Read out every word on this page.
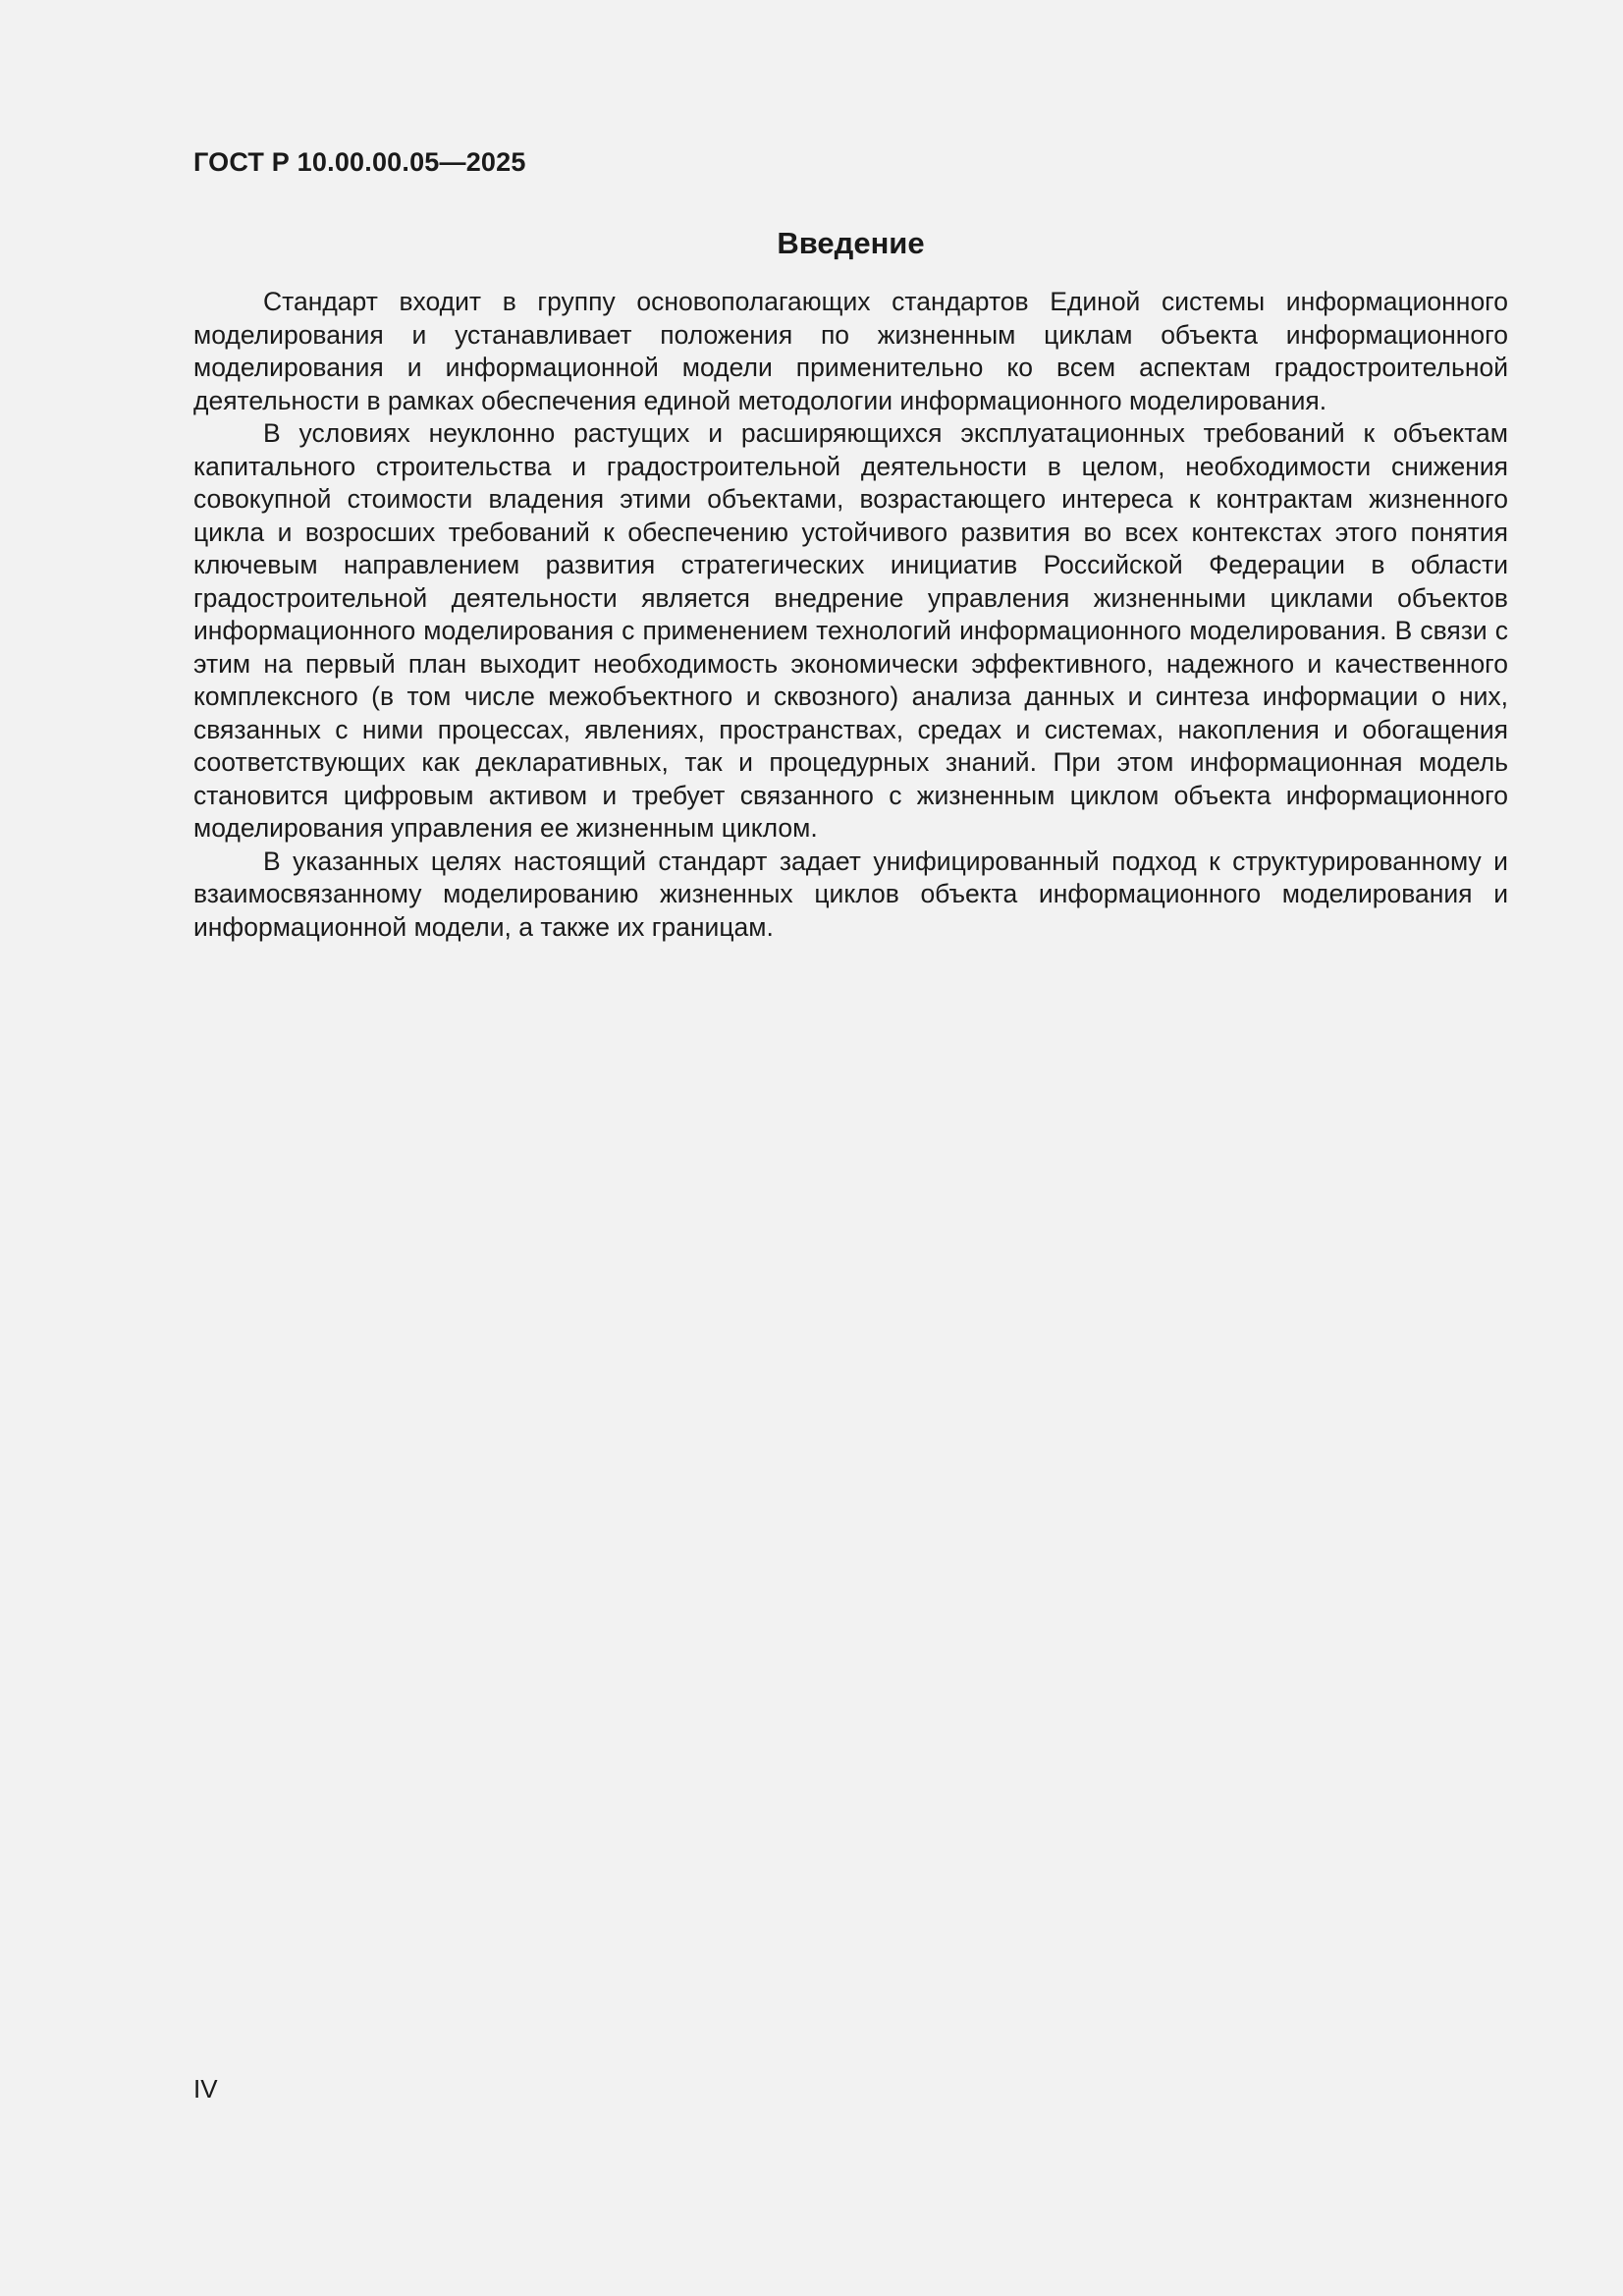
ГОСТ Р 10.00.00.05—2025
Введение

Стандарт входит в группу основополагающих стандартов Единой системы информационного моделирования и устанавливает положения по жизненным циклам объекта информационного моделирования и информационной модели применительно ко всем аспектам градостроительной деятельности в рамках обеспечения единой методологии информационного моделирования.

В условиях неуклонно растущих и расширяющихся эксплуатационных требований к объектам капитального строительства и градостроительной деятельности в целом, необходимости снижения совокупной стоимости владения этими объектами, возрастающего интереса к контрактам жизненного цикла и возросших требований к обеспечению устойчивого развития во всех контекстах этого понятия ключевым направлением развития стратегических инициатив Российской Федерации в области градостроительной деятельности является внедрение управления жизненными циклами объектов информационного моделирования с применением технологий информационного моделирования. В связи с этим на первый план выходит необходимость экономически эффективного, надежного и качественного комплексного (в том числе межобъектного и сквозного) анализа данных и синтеза информации о них, связанных с ними процессах, явлениях, пространствах, средах и системах, накопления и обогащения соответствующих как декларативных, так и процедурных знаний. При этом информационная модель становится цифровым активом и требует связанного с жизненным циклом объекта информационного моделирования управления ее жизненным циклом.

В указанных целях настоящий стандарт задает унифицированный подход к структурированному и взаимосвязанному моделированию жизненных циклов объекта информационного моделирования и информационной модели, а также их границам.

IV
